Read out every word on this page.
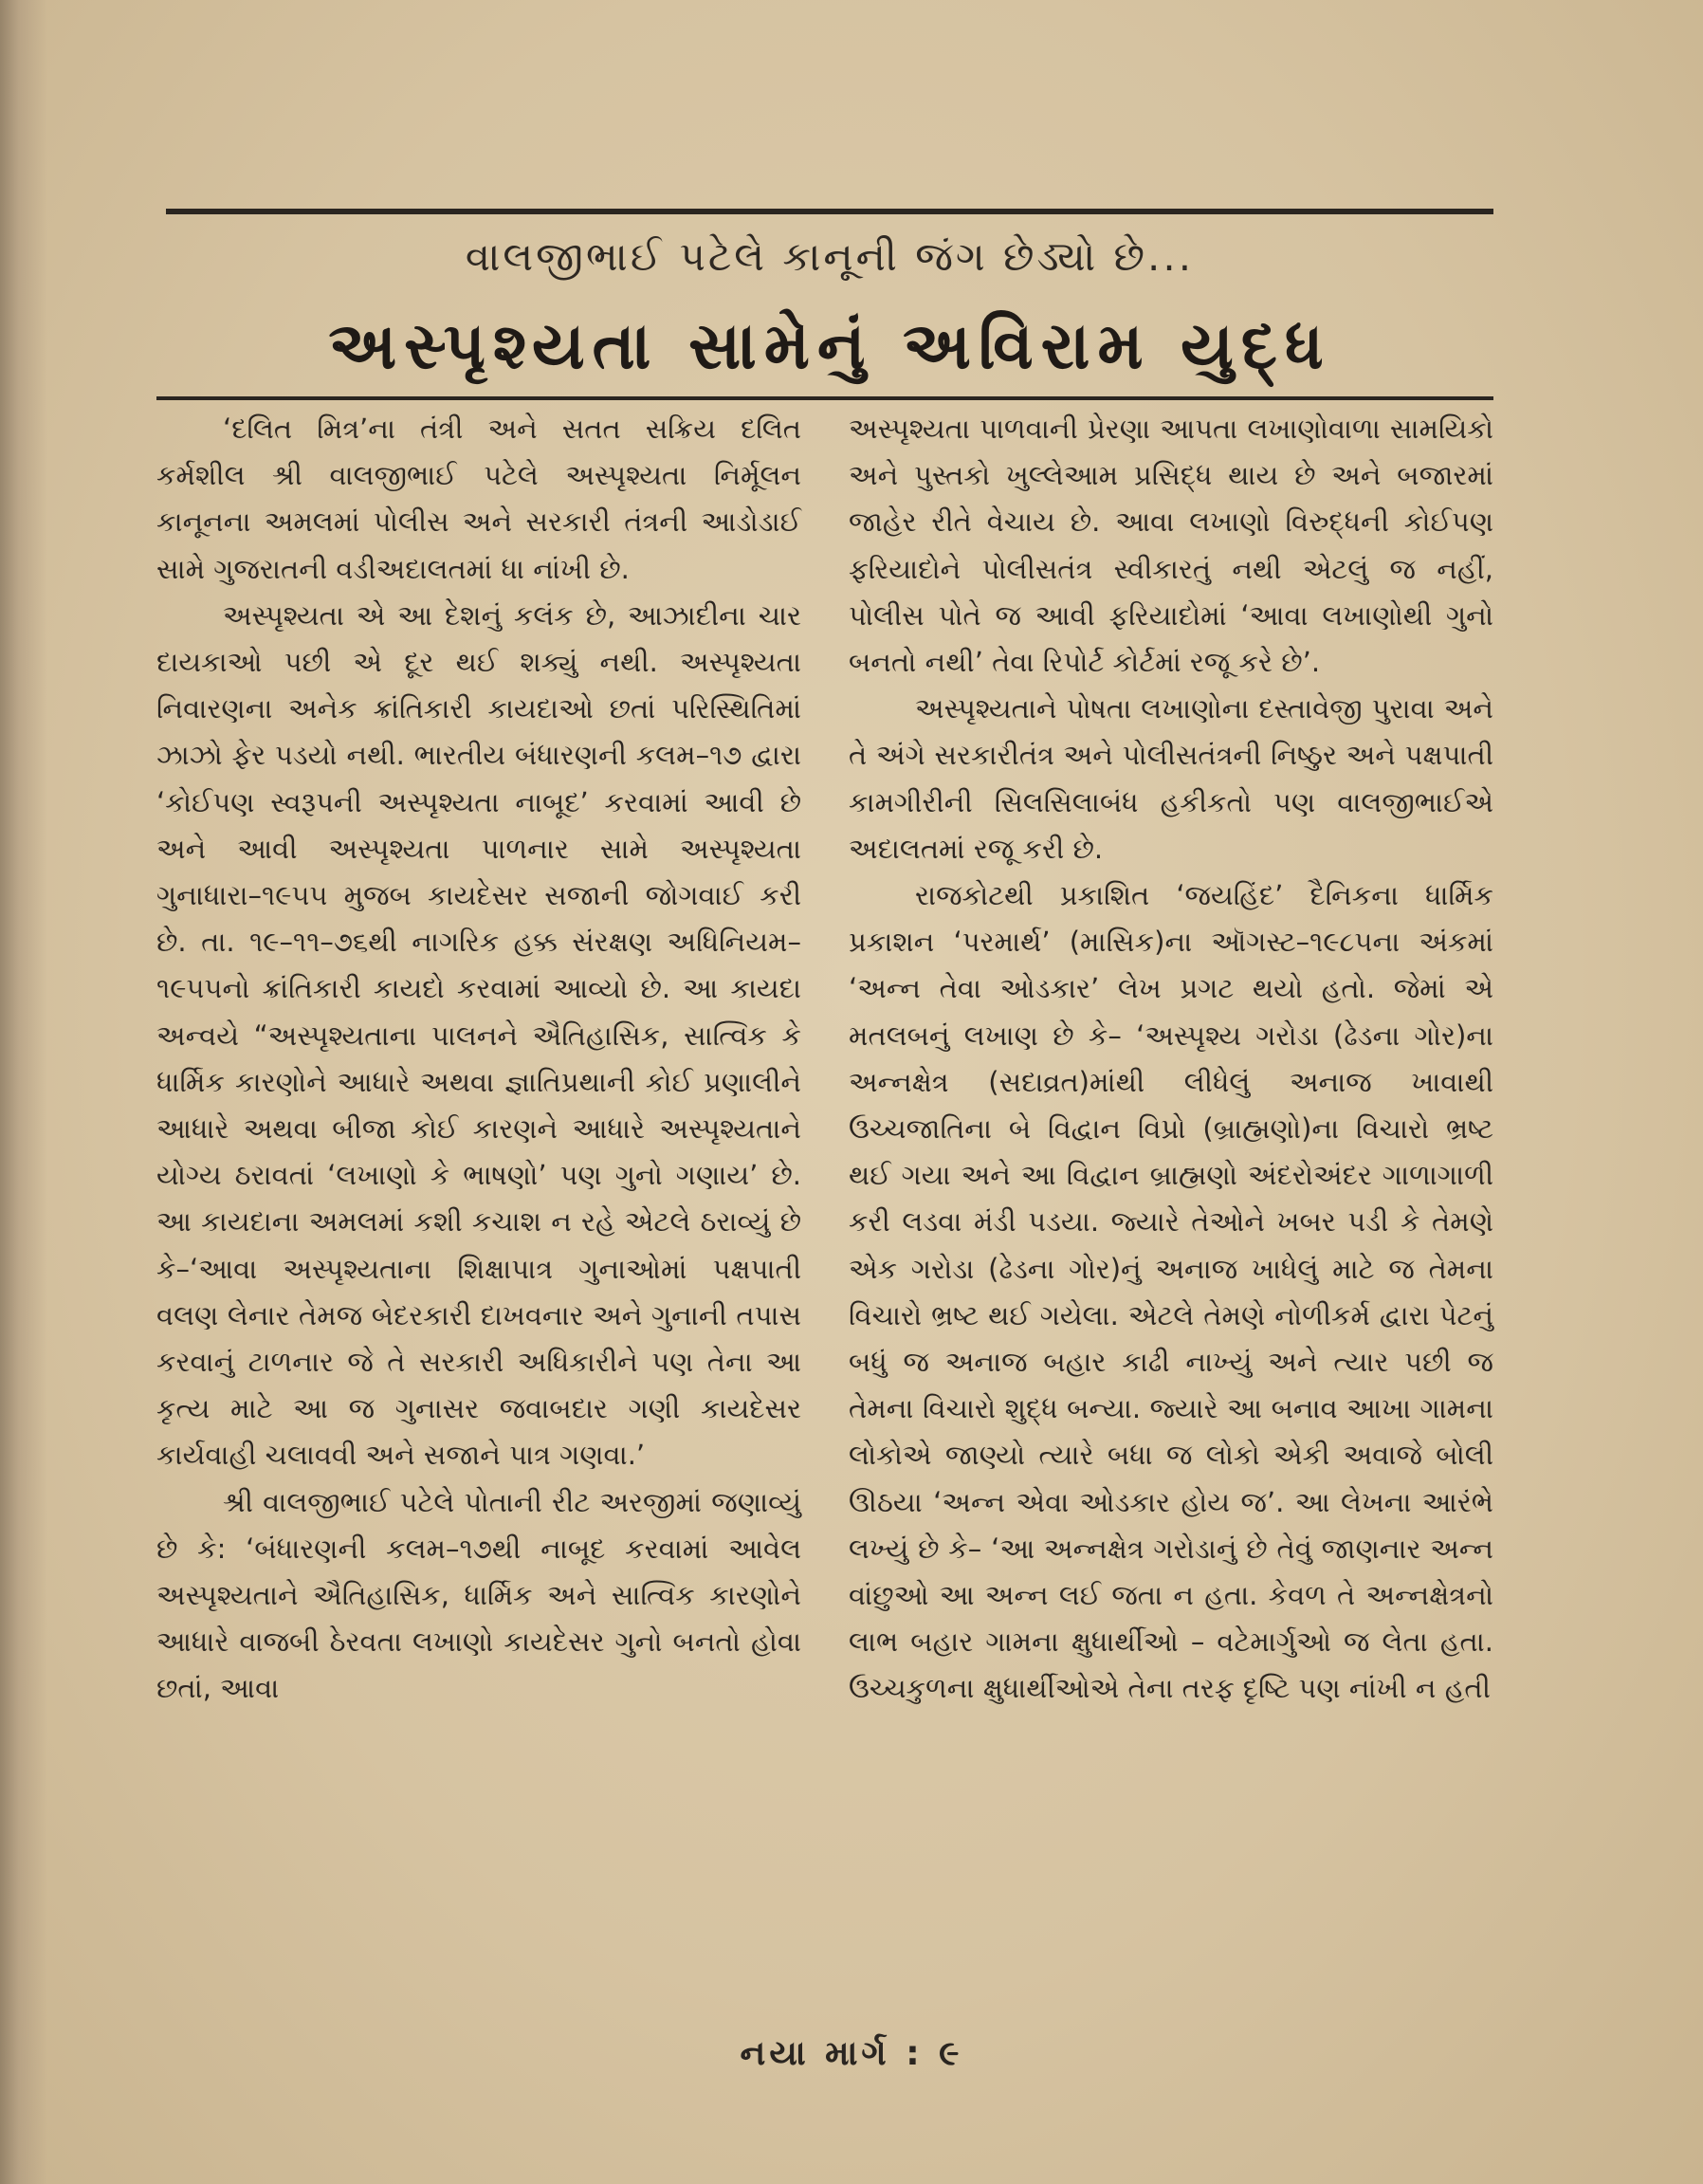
વાલજીભાઈ પટેલે કાનૂની જંગ છેડ્યો છે...
અસ્પૃશ્યતા સામેનું અવિરામ યુદ્ધ

‘દલિત મિત્ર’ના તંત્રી અને સતત સક્રિય દલિત કર્મશીલ શ્રી વાલજીભાઈ પટેલે અસ્પૃશ્યતા નિર્મૂલન કાનૂનના અમલમાં પોલીસ અને સરકારી તંત્રની આડોડાઈ સામે ગુજરાતની વડીઅદાલતમાં ધા નાંખી છે.

અસ્પૃશ્યતા એ આ દેશનું કલંક છે, આઝાદીના ચાર દાયકાઓ પછી એ દૂર થઈ શક્યું નથી. અસ્પૃશ્યતા નિવારણના અનેક ક્રાંતિકારી કાયદાઓ છતાં પરિસ્થિતિમાં ઝાઝો ફેર પડયો નથી. ભારતીય બંધારણની કલમ–૧૭ દ્વારા ‘કોઈપણ સ્વરૂપની અસ્પૃશ્યતા નાબૂદ’ કરવામાં આવી છે અને આવી અસ્પૃશ્યતા પાળનાર સામે અસ્પૃશ્યતા ગુનાધારા–૧૯૫૫ મુજબ કાયદેસર સજાની જોગવાઈ કરી છે. તા. ૧૯–૧૧–૭૬થી નાગરિક હક્ક સંરક્ષણ અધિનિયમ–૧૯૫૫નો ક્રાંતિકારી કાયદો કરવામાં આવ્યો છે. આ કાયદા અન્વયે “અસ્પૃશ્યતાના પાલનને ઐતિહાસિક, સાત્વિક કે ધાર્મિક કારણોને આધારે અથવા જ્ઞાતિપ્રથાની કોઈ પ્રણાલીને આધારે અથવા બીજા કોઈ કારણને આધારે અસ્પૃશ્યતાને યોગ્ય ઠરાવતાં ‘લખાણો કે ભાષણો’ પણ ગુનો ગણાય’ છે. આ કાયદાના અમલમાં કશી કચાશ ન રહે એટલે ઠરાવ્યું છે કે–‘આવા અસ્પૃશ્યતાના શિક્ષાપાત્ર ગુનાઓમાં પક્ષપાતી વલણ લેનાર તેમજ બેદરકારી દાખવનાર અને ગુનાની તપાસ કરવાનું ટાળનાર જે તે સરકારી અધિકારીને પણ તેના આ કૃત્ય માટે આ જ ગુનાસર જવાબદાર ગણી કાયદેસર કાર્યવાહી ચલાવવી અને સજાને પાત્ર ગણવા.’

શ્રી વાલજીભાઈ પટેલે પોતાની રીટ અરજીમાં જણાવ્યું છે કે: ‘બંધારણની કલમ–૧૭થી નાબૂદ કરવામાં આવેલ અસ્પૃશ્યતાને ઐતિહાસિક, ધાર્મિક અને સાત્વિક કારણોને આધારે વાજબી ઠેરવતા લખાણો કાયદેસર ગુનો બનતો હોવા છતાં, આવા

અસ્પૃશ્યતા પાળવાની પ્રેરણા આપતા લખાણોવાળા સામયિકો અને પુસ્તકો ખુલ્લેઆમ પ્રસિદ્ધ થાય છે અને બજારમાં જાહેર રીતે વેચાય છે. આવા લખાણો વિરુદ્ધની કોઈપણ ફરિયાદોને પોલીસતંત્ર સ્વીકારતું નથી એટલું જ નહીં, પોલીસ પોતે જ આવી ફરિયાદોમાં ‘આવા લખાણોથી ગુનો બનતો નથી’ તેવા રિપોર્ટ કોર્ટમાં રજૂ કરે છે’.

અસ્પૃશ્યતાને પોષતા લખાણોના દસ્તાવેજી પુરાવા અને તે અંગે સરકારીતંત્ર અને પોલીસતંત્રની નિષ્ઠુર અને પક્ષપાતી કામગીરીની સિલસિલાબંધ હકીકતો પણ વાલજીભાઈએ અદાલતમાં રજૂ કરી છે.

રાજકોટથી પ્રકાશિત ‘જયહિંદ’ દૈનિકના ધાર્મિક પ્રકાશન ‘પરમાર્થ’ (માસિક)ના ઑગસ્ટ–૧૯૮૫ના અંકમાં ‘અન્ન તેવા ઓડકાર’ લેખ પ્રગટ થયો હતો. જેમાં એ મતલબનું લખાણ છે કે– ‘અસ્પૃશ્ય ગરોડા (ઢેડના ગોર)ના અન્નક્ષેત્ર (સદાવ્રત)માંથી લીધેલું અનાજ ખાવાથી ઉચ્ચજાતિના બે વિદ્વાન વિપ્રો (બ્રાહ્મણો)ના વિચારો ભ્રષ્ટ થઈ ગયા અને આ વિદ્વાન બ્રાહ્મણો અંદરોઅંદર ગાળાગાળી કરી લડવા મંડી પડયા. જ્યારે તેઓને ખબર પડી કે તેમણે એક ગરોડા (ઢેડના ગોર)નું અનાજ ખાધેલું માટે જ તેમના વિચારો ભ્રષ્ટ થઈ ગયેલા. એટલે તેમણે નોળીકર્મ દ્વારા પેટનું બધું જ અનાજ બહાર કાઢી નાખ્યું અને ત્યાર પછી જ તેમના વિચારો શુદ્ધ બન્યા. જ્યારે આ બનાવ આખા ગામના લોકોએ જાણ્યો ત્યારે બધા જ લોકો એકી અવાજે બોલી ઊઠયા ‘અન્ન એવા ઓડકાર હોય જ’. આ લેખના આરંભે લખ્યું છે કે– ‘આ અન્નક્ષેત્ર ગરોડાનું છે તેવું જાણનાર અન્ન વાંછુઓ આ અન્ન લઈ જતા ન હતા. કેવળ તે અન્નક્ષેત્રનો લાભ બહાર ગામના ક્ષુધાર્થીઓ – વટેમાર્ગુઓ જ લેતા હતા. ઉચ્ચકુળના ક્ષુધાર્થીઓએ તેના તરફ દૃષ્ટિ પણ નાંખી ન હતી

નયા માર્ગ : ૯
